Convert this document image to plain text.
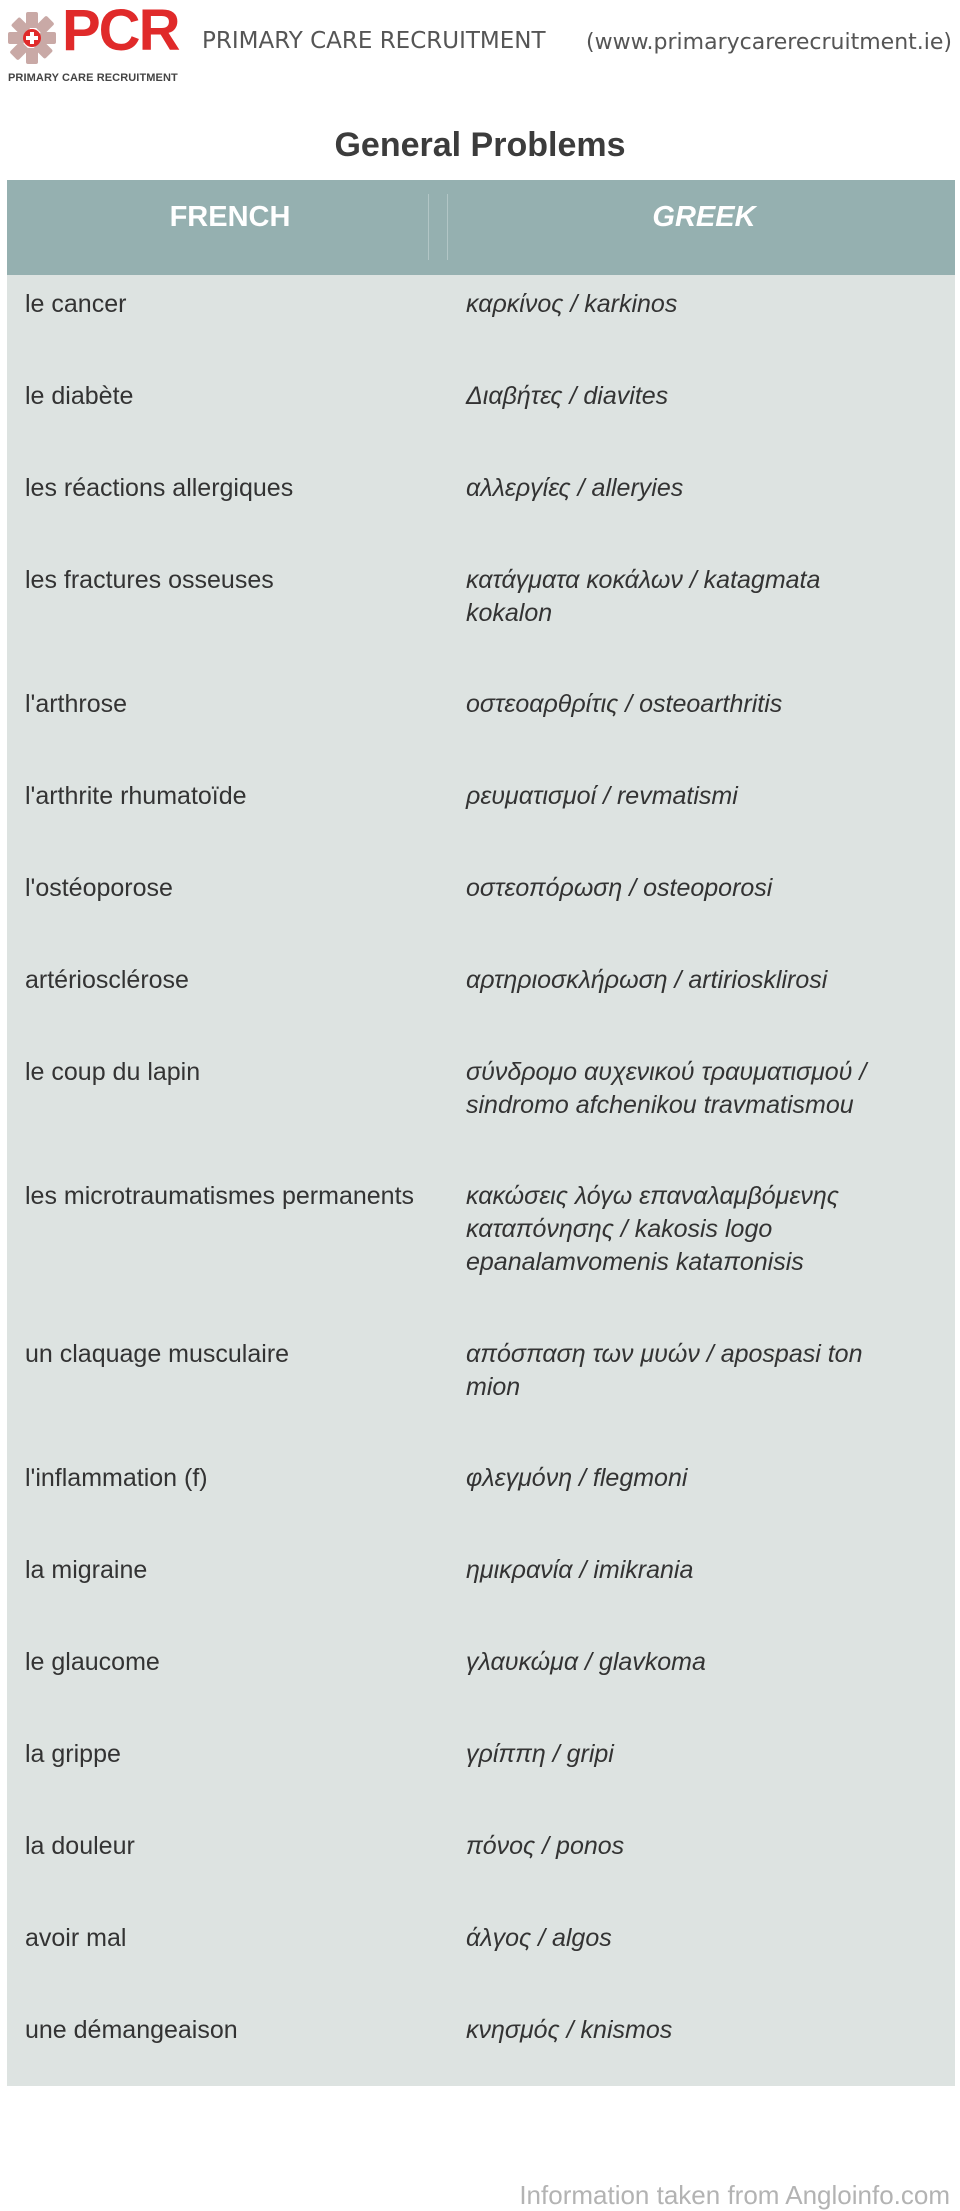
PCR
PRIMARY CARE RECRUITMENT
PRIMARY CARE RECRUITMENT (www.primarycarerecruitment.ie)
General Problems
FRENCH	GREEK
le cancer	καρκίνος / karkinos
le diabète	Διαβήτες / diavites
les réactions allergiques	αλλεργίες / alleryies
les fractures osseuses	κατάγματα κοκάλων / katagmata kokalon
l'arthrose	οστεοαρθρίτις / osteoarthritis
l'arthrite rhumatoïde	ρευματισμοί / revmatismi
l'ostéoporose	οστεοπόρωση / osteoporosi
artériosclérose	αρτηριοσκλήρωση / artiriosklirosi
le coup du lapin	σύνδρομο αυχενικού τραυματισμού / sindromo afchenikou travmatismou
les microtraumatismes permanents	κακώσεις λόγω επαναλαμβόμενης καταπόνησης / kakosis logo epanalamvomenis kataπonisis
un claquage musculaire	απόσπαση των μυών / apospasi ton mion
l'inflammation (f)	φλεγμόνη / flegmoni
la migraine	ημικρανία / imikrania
le glaucome	γλαυκώμα / glavkoma
la grippe	γρίππη / gripi
la douleur	πόνος / ponos
avoir mal	άλγος / algos
une démangeaison	κνησμός / knismos
Information taken from Angloinfo.com
